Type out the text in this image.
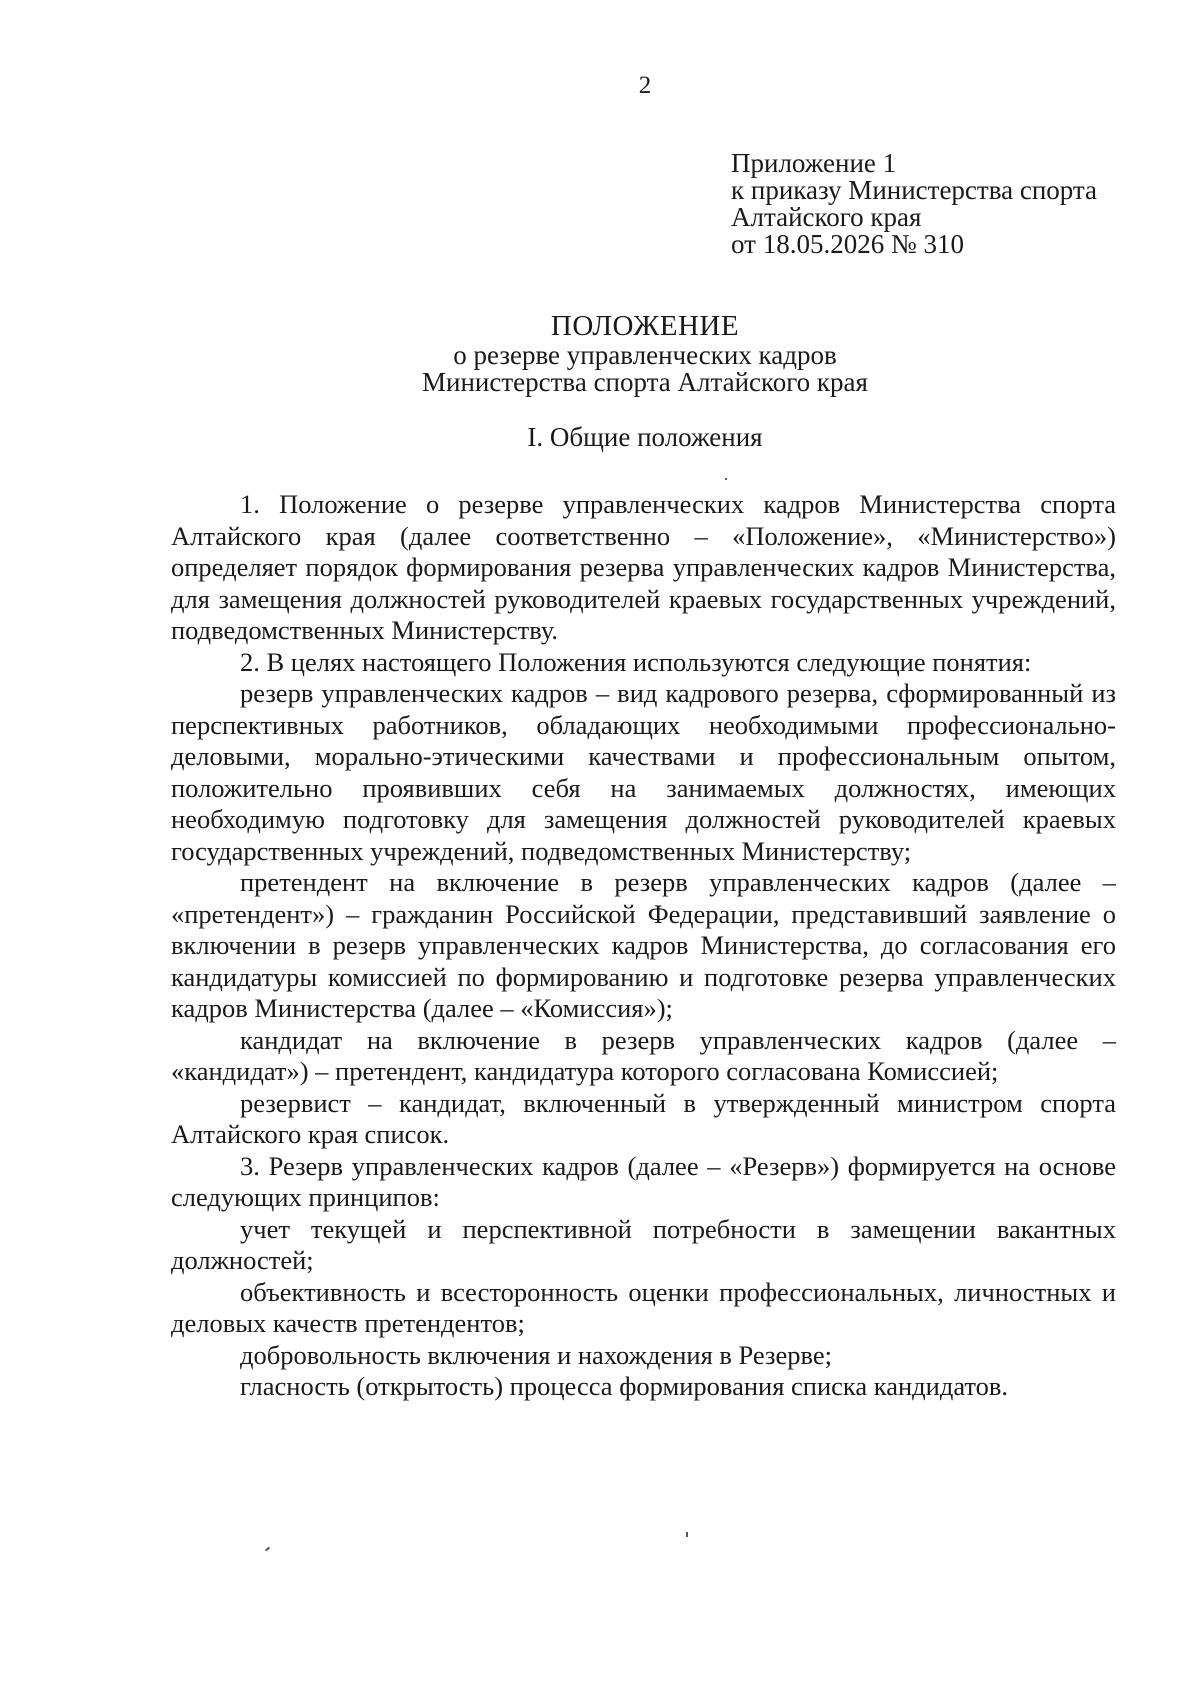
2
Приложение 1
к приказу Министерства спорта
Алтайского края
от 18.05.2026 № 310
ПОЛОЖЕНИЕ
о резерве управленческих кадров
Министерства спорта Алтайского края
I. Общие положения

1. Положение о резерве управленческих кадров Министерства спорта Алтайского края (далее соответственно – «Положение», «Министерство») определяет порядок формирования резерва управленческих кадров Министерства, для замещения должностей руководителей краевых государственных учреждений, подведомственных Министерству.

2. В целях настоящего Положения используются следующие понятия:

резерв управленческих кадров – вид кадрового резерва, сформированный из перспективных работников, обладающих необходимыми профессионально-деловыми, морально-этическими качествами и профессиональным опытом, положительно проявивших себя на занимаемых должностях, имеющих необходимую подготовку для замещения должностей руководителей краевых государственных учреждений, подведомственных Министерству;

претендент на включение в резерв управленческих кадров (далее – «претендент») – гражданин Российской Федерации, представивший заявление о включении в резерв управленческих кадров Министерства, до согласования его кандидатуры комиссией по формированию и подготовке резерва управленческих кадров Министерства (далее – «Комиссия»);

кандидат на включение в резерв управленческих кадров (далее – «кандидат») – претендент, кандидатура которого согласована Комиссией;

резервист – кандидат, включенный в утвержденный министром спорта Алтайского края список.

3. Резерв управленческих кадров (далее – «Резерв») формируется на основе следующих принципов:

учет текущей и перспективной потребности в замещении вакантных должностей;

объективность и всесторонность оценки профессиональных, личностных и деловых качеств претендентов;

добровольность включения и нахождения в Резерве;

гласность (открытость) процесса формирования списка кандидатов.
